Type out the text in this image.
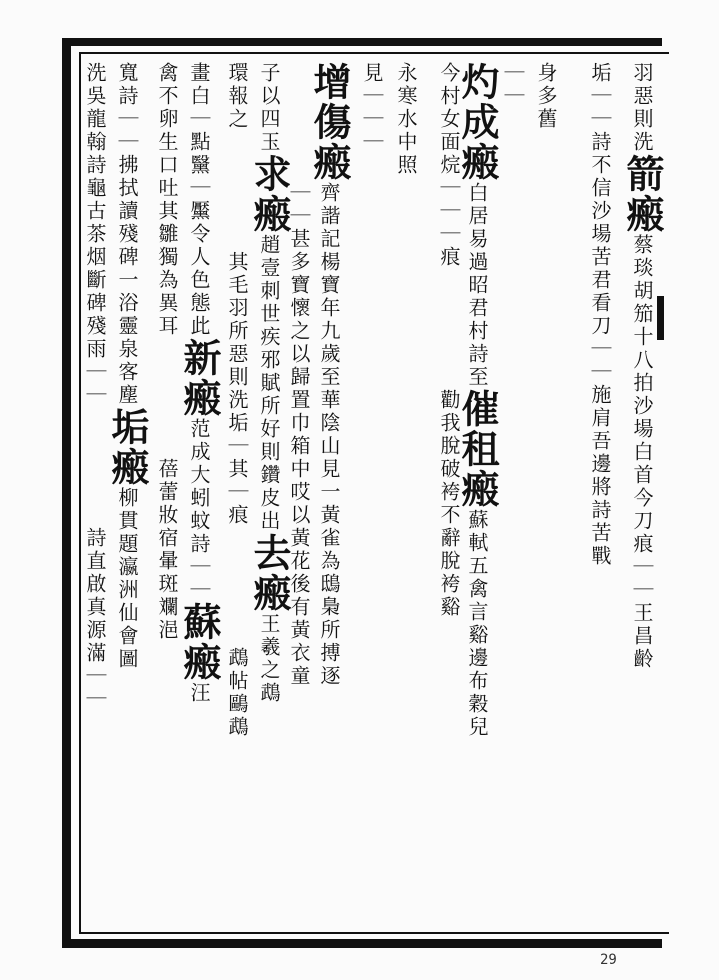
羽惡則洗箭瘢蔡琰胡笳十八拍沙場白首今刀痕｜｜王昌齡
垢｜｜詩不信沙場苦君看刀｜｜施肩吾邊將詩苦戰
身多舊
｜｜
灼成瘢白居易過昭君村詩至催租瘢蘇軾五禽言谿邊布穀兒
今村女面烷｜｜｜痕　　　勸我脫破袴不辭脫袴谿
永寒水中照
見｜｜｜
增傷瘢齊諧記楊寶年九歲至華陰山見一黃雀為鴟梟所搏逐
　　　｜｜甚多寶懷之以歸置巾箱中哎以黃花後有黃衣童
子以四玉求瘢趙壹刺世疾邪賦所好則鑽皮出去瘢王羲之鵡
環報之　　　其毛羽所惡則洗垢｜其｜痕　　　鵡帖鷗鵡
畫白｜點黳｜黶令人色態此新瘢范成大蚓蚊詩｜｜蘇瘢汪
禽不卵生口吐其雛獨為異耳　　　蓓蕾妝宿暈斑斕浥
寬詩｜｜拂拭讀殘碑一浴靈泉客塵垢瘢柳貫題瀛洲仙會圖
洗吳龍翰詩龜古茶烟斷碑殘雨｜｜　　　詩直啟真源滿｜｜
29
